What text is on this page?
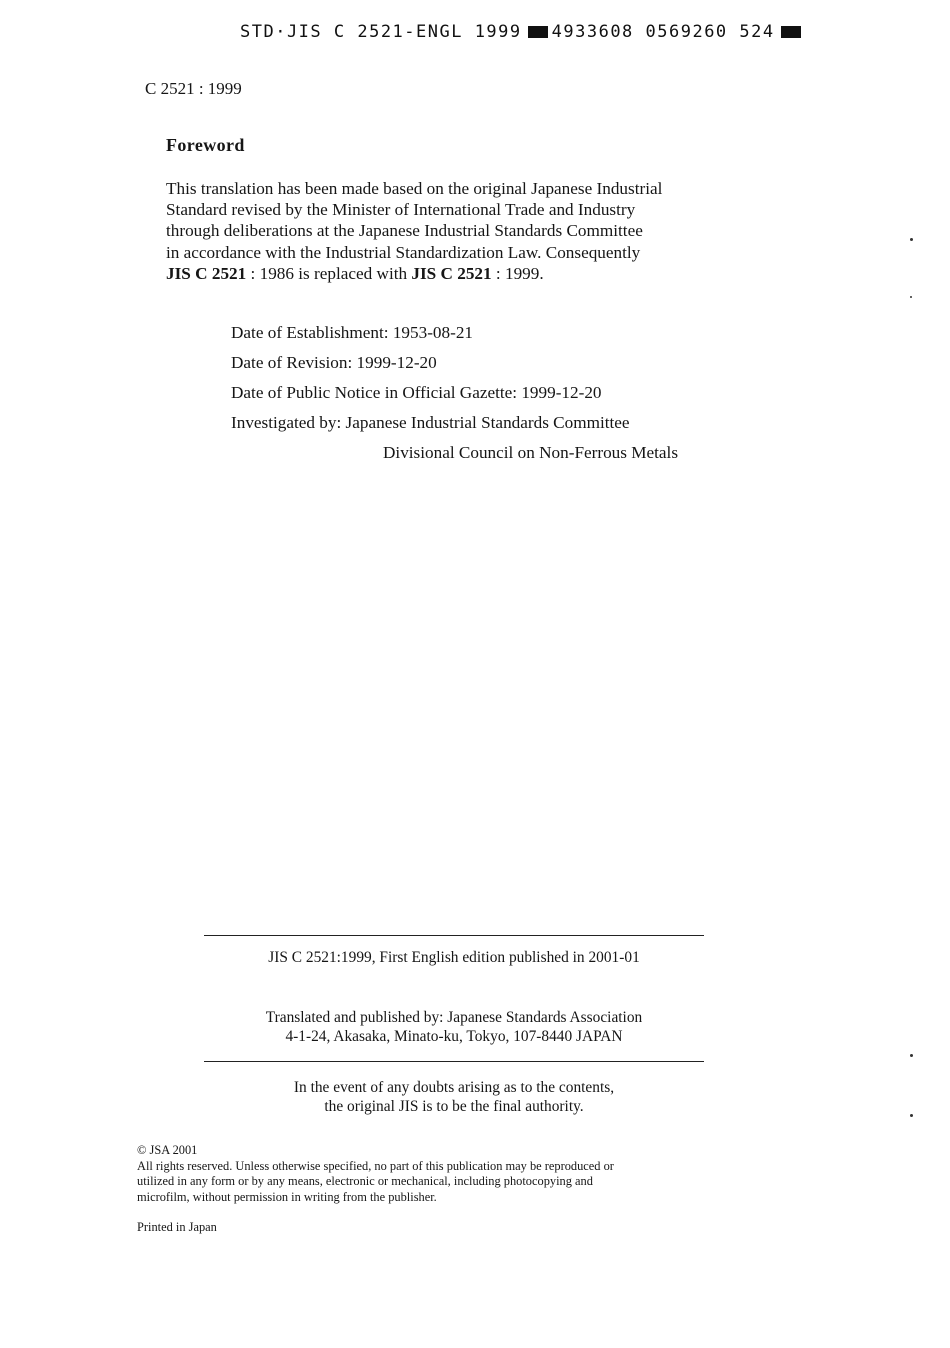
STD·JIS C 2521-ENGL 1999 4933608 0569260 524
C 2521 : 1999
Foreword
This translation has been made based on the original Japanese Industrial
Standard revised by the Minister of International Trade and Industry
through deliberations at the Japanese Industrial Standards Committee
in accordance with the Industrial Standardization Law. Consequently
JIS C 2521 : 1986 is replaced with JIS C 2521 : 1999.
Date of Establishment: 1953-08-21
Date of Revision: 1999-12-20
Date of Public Notice in Official Gazette: 1999-12-20
Investigated by: Japanese Industrial Standards Committee
Divisional Council on Non-Ferrous Metals
JIS C 2521:1999, First English edition published in 2001-01
Translated and published by: Japanese Standards Association
4-1-24, Akasaka, Minato-ku, Tokyo, 107-8440 JAPAN
In the event of any doubts arising as to the contents,
the original JIS is to be the final authority.
© JSA 2001
All rights reserved. Unless otherwise specified, no part of this publication may be reproduced or
utilized in any form or by any means, electronic or mechanical, including photocopying and
microfilm, without permission in writing from the publisher.
Printed in Japan
